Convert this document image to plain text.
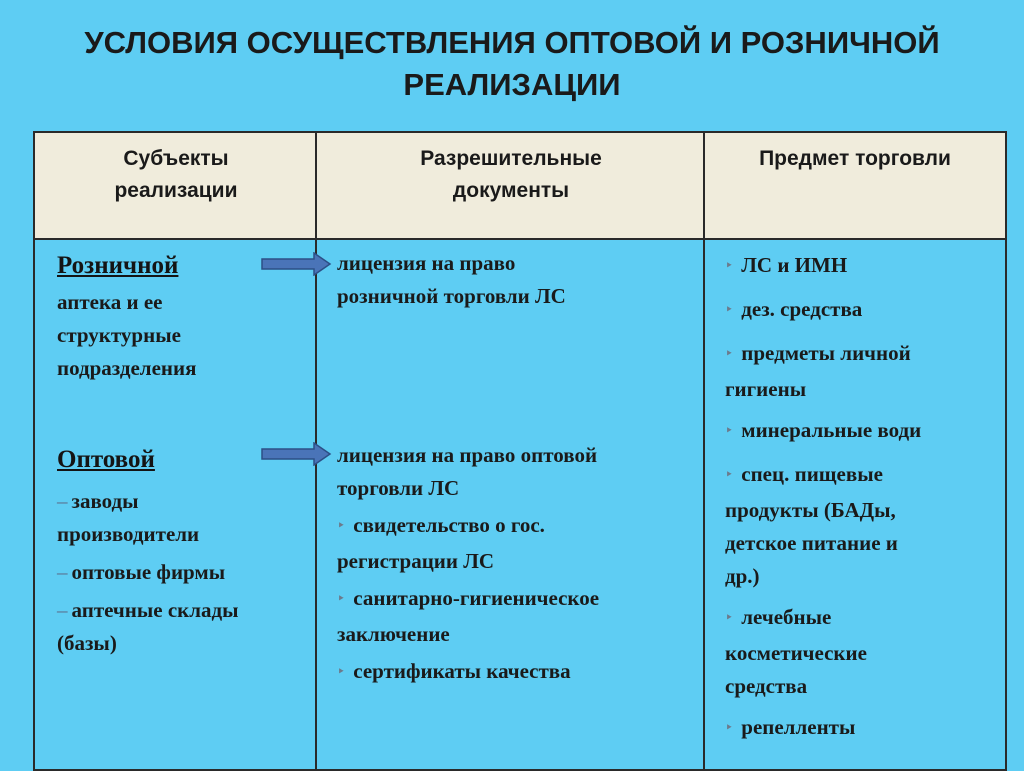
УСЛОВИЯ ОСУЩЕСТВЛЕНИЯ ОПТОВОЙ И РОЗНИЧНОЙ
РЕАЛИЗАЦИИ
Субъекты
реализации
Разрешительные
документы
Предмет торговли
Розничной
аптека и ее
структурные
подразделения
Оптовой
– заводы
производители
– оптовые фирмы
– аптечные склады
(базы)
лицензия на право
розничной торговли ЛС
лицензия на право оптовой
торговли ЛС
‣ свидетельство о гос.
регистрации ЛС
‣ санитарно-гигиеническое
заключение
‣ сертификаты качества
‣ ЛС и ИМН
‣ дез. средства
‣ предметы личной
гигиены
‣ минеральные води
‣ спец. пищевые
продукты (БАДы,
детское питание и
др.)
‣ лечебные
косметические
средства
‣ репелленты
